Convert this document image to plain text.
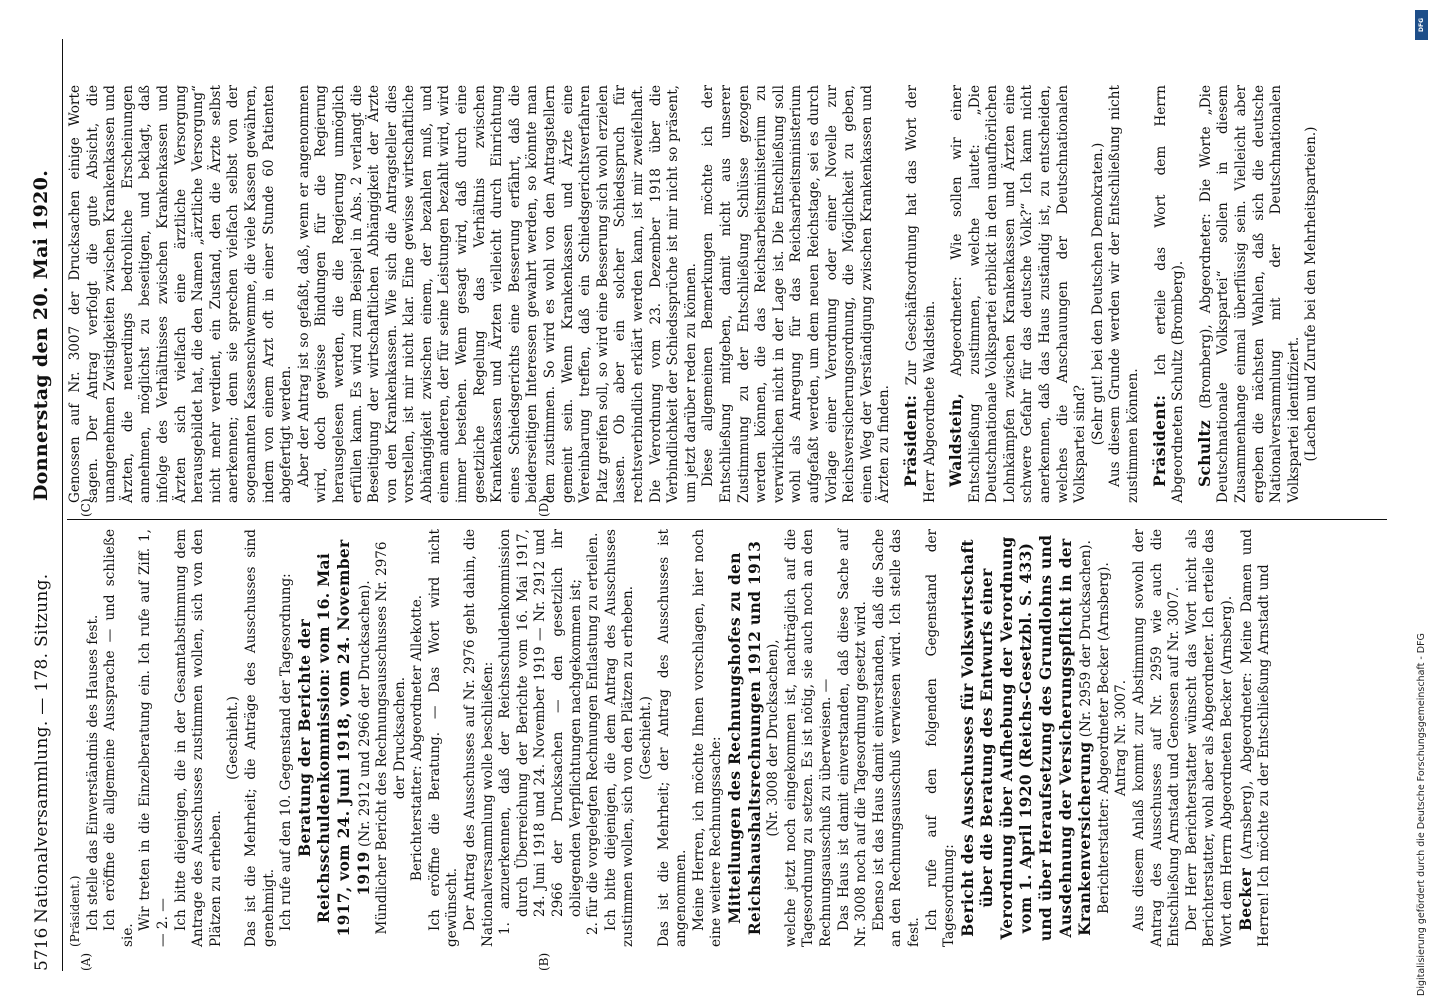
5716
Nationalversammlung. — 178. Sitzung.
Donnerstag den 20. Mai 1920.
(A)	(B)
(C)	(D)

(Präsident.) Ich stelle das Einverständnis des Hauses fest. Ich eröffne die allgemeine Aussprache — und schließe sie.

Wir treten in die Einzelberatung ein. Ich rufe auf Ziff. 1, — 2. — Ich bitte diejenigen, die in der Gesamtabstimmung dem Antrage des Ausschusses zustimmen wollen, sich von den Plätzen zu erheben.

(Geschieht.) Das ist die Mehrheit; die Anträge des Ausschusses sind genehmigt. Ich rufe auf den 10. Gegenstand der Tagesordnung: Beratung der Berichte der Reichsschuldenkommission: vom 16. Mai 1917, vom 24. Juni 1918, vom 24. November 1919 (Nr. 2912 und 2966 der Drucksachen). Mündlicher Bericht des Rechnungsausschusses Nr. 2976 der Drucksachen. Berichterstatter: Abgeordneter Allekotte. Ich eröffne die Beratung. — Das Wort wird nicht gewünscht. Der Antrag des Ausschusses auf Nr. 2976 geht dahin, die Nationalversammlung wolle beschließen: 1. anzuerkennen, daß der Reichsschuldenkommission durch Überreichung der Berichte vom 16. Mai 1917, 24. Juni 1918 und 24. November 1919 — Nr. 2912 und 2966 der Drucksachen — den gesetzlich ihr obliegenden Verpflichtungen nachgekommen ist; 2. für die vorgelegten Rechnungen Entlastung zu erteilen. Ich bitte diejenigen, die dem Antrag des Ausschusses zustimmen wollen, sich von den Plätzen zu erheben. (Geschieht.) Das ist die Mehrheit; der Antrag des Ausschusses ist angenommen. Meine Herren, ich möchte Ihnen vorschlagen, hier noch eine weitere Rechnungssache: Mitteilungen des Rechnungshofes zu den Reichshaushaltsrechnungen 1912 und 1913 (Nr. 3008 der Drucksachen), welche jetzt noch eingekommen ist, nachträglich auf die Tagesordnung zu setzen. Es ist nötig, sie auch noch an den Rechnungsausschuß zu überweisen. — Das Haus ist damit einverstanden, daß diese Sache auf Nr. 3008 noch auf die Tagesordnung gesetzt wird. Ebenso ist das Haus damit einverstanden, daß die Sache an den Rechnungsausschuß verwiesen wird. Ich stelle das fest.

Ich rufe auf den folgenden Gegenstand der Tagesordnung: Bericht des Ausschusses für Volkswirtschaft über die Beratung des Entwurfs einer Verordnung über Aufhebung der Verordnung vom 1. April 1920 (Reichs-Gesetzbl. S. 433) und über Heraufsetzung des Grundlohns und Ausdehnung der Versicherungspflicht in der Krankenversicherung (Nr. 2959 der Drucksachen). Berichterstatter: Abgeordneter Becker (Arnsberg). Antrag Nr. 3007. Aus diesem Anlaß kommt zur Abstimmung sowohl der Antrag des Ausschusses auf Nr. 2959 wie auch die Entschließung Arnstadt und Genossen auf Nr. 3007. Der Herr Berichterstatter wünscht das Wort nicht als Berichterstatter, wohl aber als Abgeordneter. Ich erteile das Wort dem Herrn Abgeordneten Becker (Arnsberg). Becker (Arnsberg), Abgeordneter: Meine Damen und Herren! Ich möchte zu der Entschließung Arnstadt und

Genossen auf Nr. 3007 der Drucksachen einige Worte sagen. Der Antrag verfolgt die gute Absicht, die unangenehmen Zwistigkeiten zwischen Krankenkassen und Ärzten, die neuerdings bedrohliche Erscheinungen annehmen, möglichst zu beseitigen, und beklagt, daß infolge des Verhältnisses zwischen Krankenkassen und Ärzten sich vielfach eine ärztliche Versorgung herausgebildet hat, die den Namen „ärztliche Versorgung“ nicht mehr verdient, ein Zustand, den die Ärzte selbst anerkennen; denn sie sprechen vielfach selbst von der sogenannten Kassenschwemme, die viele Kassen gewähren, indem von einem Arzt oft in einer Stunde 60 Patienten abgefertigt werden. Aber der Antrag ist so gefaßt, daß, wenn er angenommen wird, doch gewisse Bindungen für die Regierung herausgelesen werden, die die Regierung unmöglich erfüllen kann. Es wird zum Beispiel in Abs. 2 verlangt die Beseitigung der wirtschaftlichen Abhängigkeit der Ärzte von den Krankenkassen. Wie sich die Antragsteller dies vorstellen, ist mir nicht klar. Eine gewisse wirtschaftliche Abhängigkeit zwischen einem, der bezahlen muß, und einem anderen, der für seine Leistungen bezahlt wird, wird immer bestehen. Wenn gesagt wird, daß durch eine gesetzliche Regelung das Verhältnis zwischen Krankenkassen und Ärzten vielleicht durch Einrichtung eines Schiedsgerichts eine Besserung erfährt, daß die beiderseitigen Interessen gewahrt werden, so könnte man dem zustimmen. So wird es wohl von den Antragstellern gemeint sein. Wenn Krankenkassen und Ärzte eine Vereinbarung treffen, daß ein Schiedsgerichtsverfahren Platz greifen soll, so wird eine Besserung sich wohl erzielen lassen. Ob aber ein solcher Schiedsspruch für rechtsverbindlich erklärt werden kann, ist mir zweifelhaft. Die Verordnung vom 23. Dezember 1918 über die Verbindlichkeit der Schiedssprüche ist mir nicht so präsent, um jetzt darüber reden zu können. Diese allgemeinen Bemerkungen möchte ich der Entschließung mitgeben, damit nicht aus unserer Zustimmung zu der Entschließung Schlüsse gezogen werden können, die das Reichsarbeitsministerium zu verwirklichen nicht in der Lage ist. Die Entschließung soll wohl als Anregung für das Reichsarbeitsministerium aufgefaßt werden, um dem neuen Reichstage, sei es durch Vorlage einer Verordnung oder einer Novelle zur Reichsversicherungsordnung, die Möglichkeit zu geben, einen Weg der Verständigung zwischen Krankenkassen und Ärzten zu finden. Präsident: Zur Geschäftsordnung hat das Wort der Herr Abgeordnete Waldstein. Waldstein, Abgeordneter: Wie sollen wir einer Entschließung zustimmen, welche lautet: „Die Deutschnationale Volkspartei erblickt in den unaufhörlichen Lohnkämpfen zwischen Krankenkassen und Ärzten eine schwere Gefahr für das deutsche Volk?“ Ich kann nicht anerkennen, daß das Haus zuständig ist, zu entscheiden, welches die Anschauungen der Deutschnationalen Volkspartei sind? (Sehr gut! bei den Deutschen Demokraten.) Aus diesem Grunde werden wir der Entschließung nicht zustimmen können. Präsident: Ich erteile das Wort dem Herrn Abgeordneten Schultz (Bromberg). Schultz (Bromberg), Abgeordneter: Die Worte „Die Deutschnationale Volkspartei“ sollen in diesem Zusammenhange einmal überflüssig sein. Vielleicht aber ergeben die nächsten Wahlen, daß sich die deutsche Nationalversammlung mit der Deutschnationalen Volkspartei identifiziert. (Lachen und Zurufe bei den Mehrheitsparteien.)

DFG
Digitalisierung gefördert durch die Deutsche Forschungsgemeinschaft - DFG
